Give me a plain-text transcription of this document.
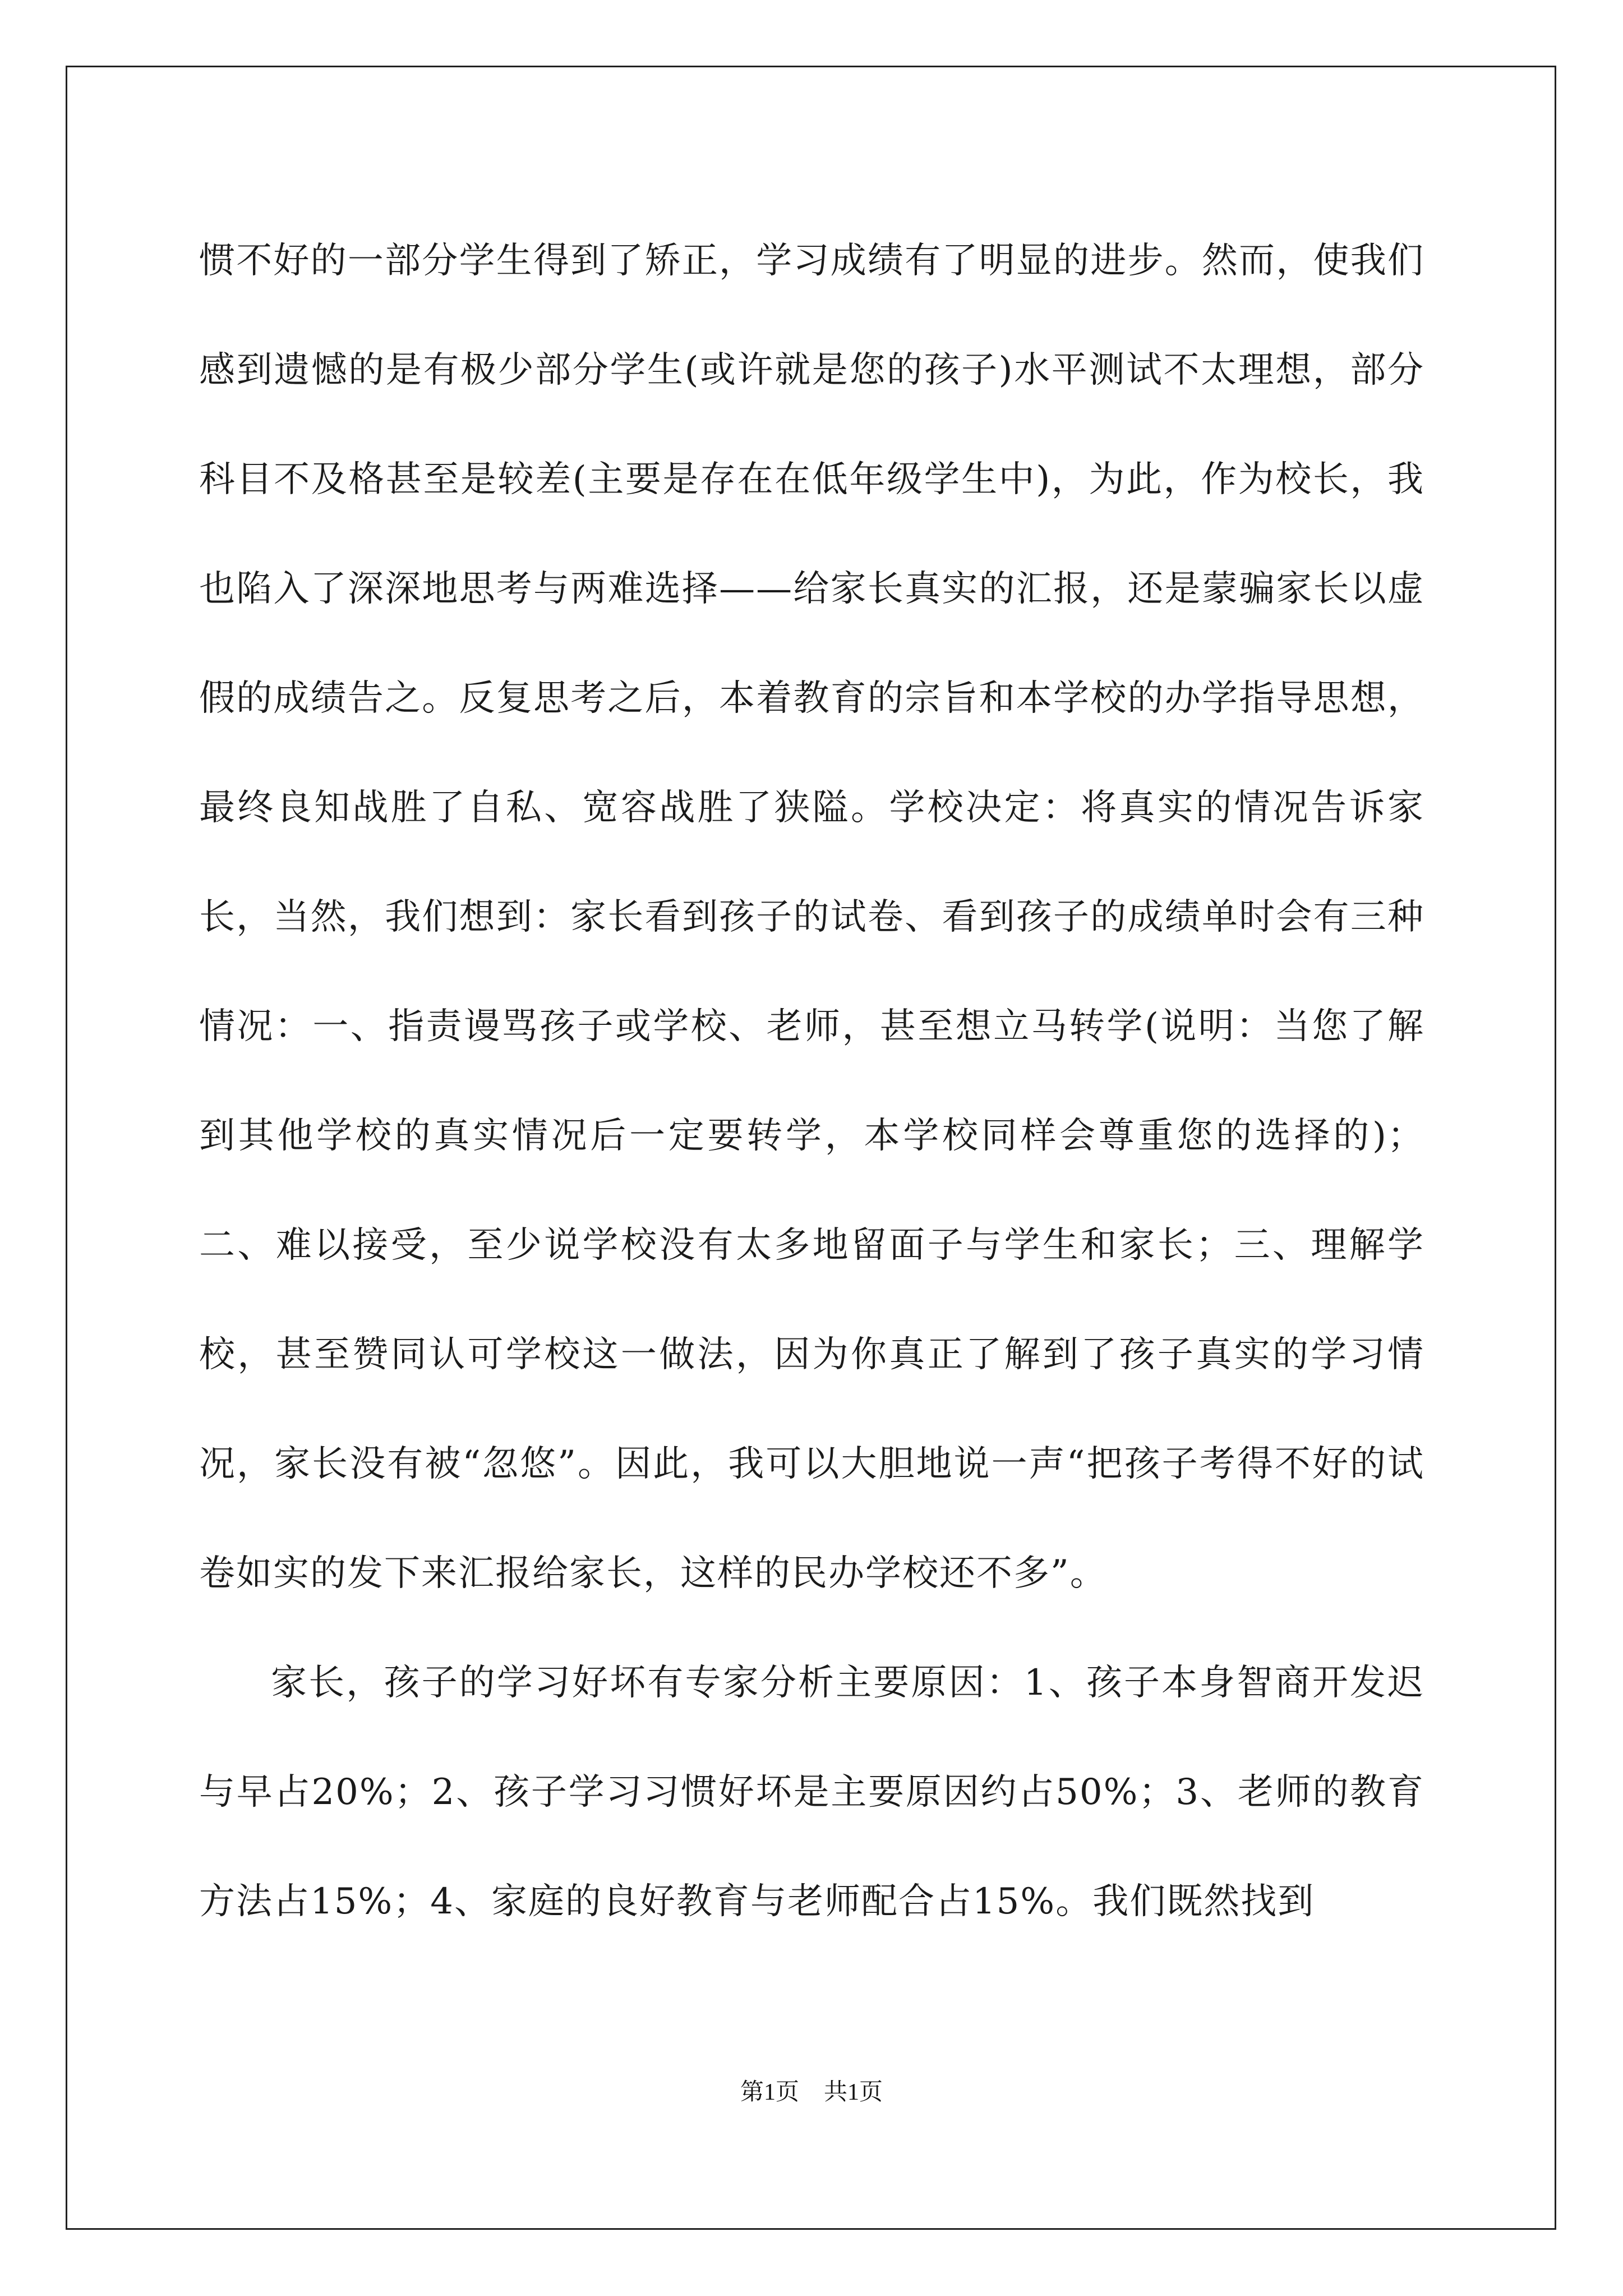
惯不好的一部分学生得到了矫正，学习成绩有了明显的进步。然而，使我们感到遗憾的是有极少部分学生(或许就是您的孩子)水平测试不太理想，部分科目不及格甚至是较差(主要是存在在低年级学生中)，为此，作为校长，我也陷入了深深地思考与两难选择——给家长真实的汇报，还是蒙骗家长以虚假的成绩告之。反复思考之后，本着教育的宗旨和本学校的办学指导思想，最终良知战胜了自私、宽容战胜了狭隘。学校决定：将真实的情况告诉家长，当然，我们想到：家长看到孩子的试卷、看到孩子的成绩单时会有三种情况：一、指责谩骂孩子或学校、老师，甚至想立马转学(说明：当您了解到其他学校的真实情况后一定要转学，本学校同样会尊重您的选择的)；二、难以接受，至少说学校没有太多地留面子与学生和家长；三、理解学校，甚至赞同认可学校这一做法，因为你真正了解到了孩子真实的学习情况，家长没有被“忽悠”。因此，我可以大胆地说一声“把孩子考得不好的试卷如实的发下来汇报给家长，这样的民办学校还不多”。

家长，孩子的学习好坏有专家分析主要原因：1、孩子本身智商开发迟与早占20%；2、孩子学习习惯好坏是主要原因约占50%；3、老师的教育方法占15%；4、家庭的良好教育与老师配合占15%。我们既然找到

第1页 共1页
